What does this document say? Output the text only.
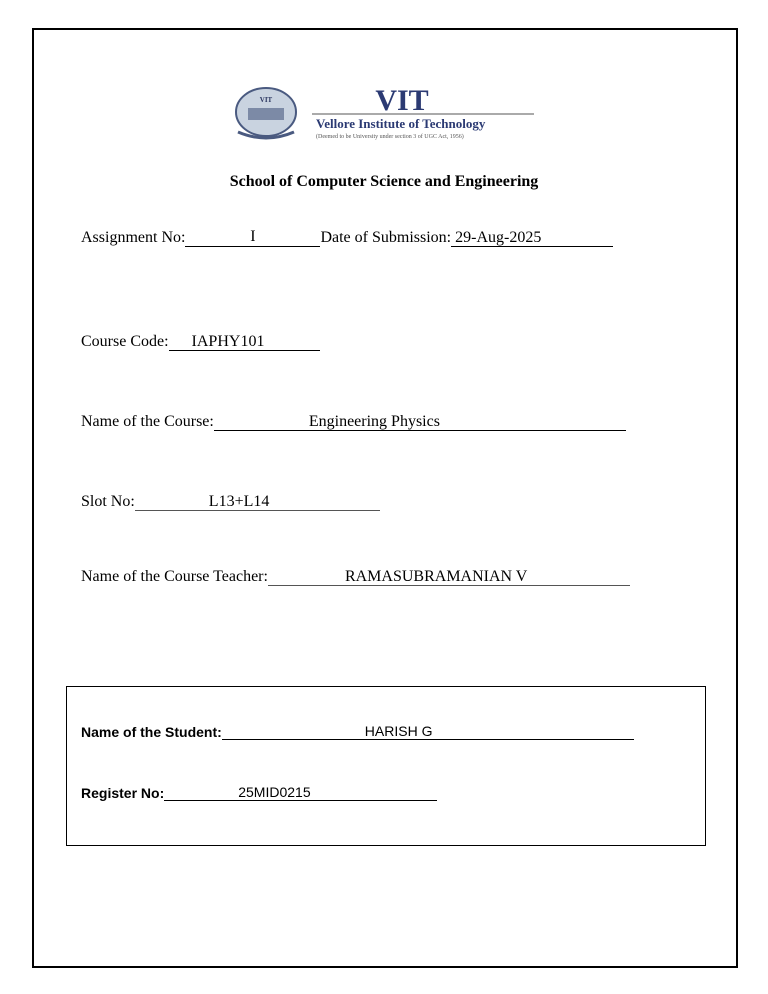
VIT	VIT
Vellore Institute of Technology
(Deemed to be University under section 3 of UGC Act, 1956)
School of Computer Science and Engineering
Assignment No:	I	Date of Submission: 29-Aug-2025
Course Code: IAPHY101
Name of the Course:	Engineering Physics
Slot No:	L13+L14
Name of the Course Teacher:	RAMASUBRAMANIAN V
Name of the Student:	HARISH G
Register No:	25MID0215
